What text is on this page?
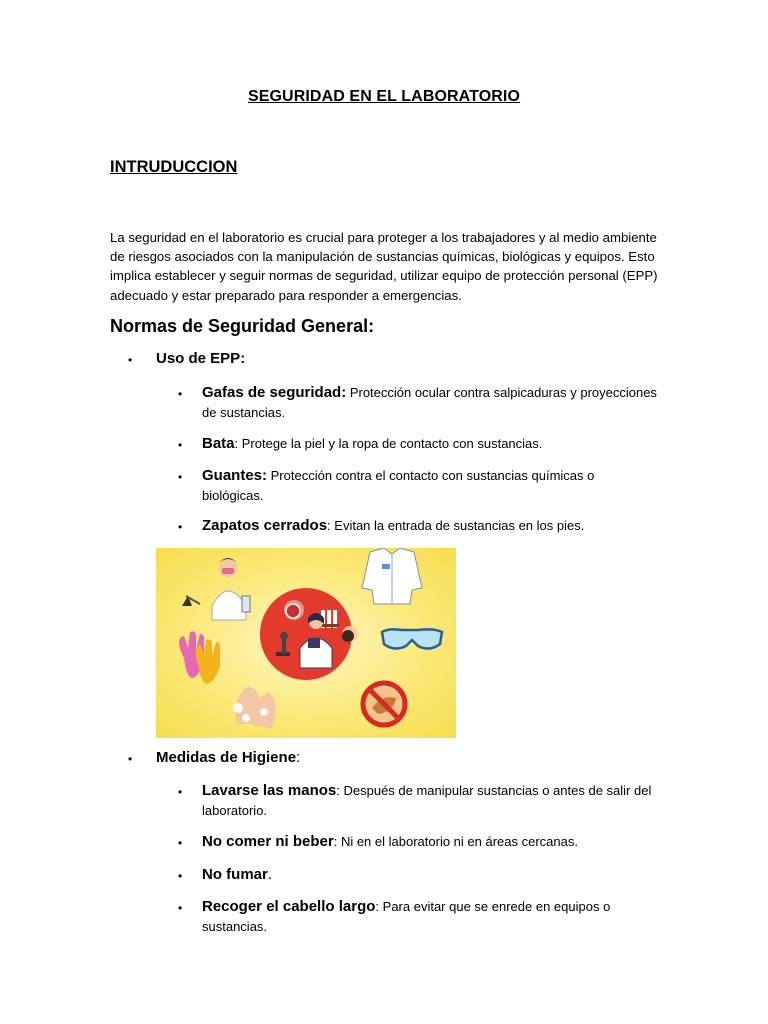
SEGURIDAD EN EL LABORATORIO
INTRUDUCCION

La seguridad en el laboratorio es crucial para proteger a los trabajadores y al medio ambiente de riesgos asociados con la manipulación de sustancias químicas, biológicas y equipos. Esto implica establecer y seguir normas de seguridad, utilizar equipo de protección personal (EPP) adecuado y estar preparado para responder a emergencias.

Normas de Seguridad General:
• Uso de EPP:
• Gafas de seguridad: Protección ocular contra salpicaduras y proyecciones de sustancias.
• Bata: Protege la piel y la ropa de contacto con sustancias.
• Guantes: Protección contra el contacto con sustancias químicas o biológicas.
• Zapatos cerrados: Evitan la entrada de sustancias en los pies.
• Medidas de Higiene:
• Lavarse las manos: Después de manipular sustancias o antes de salir del laboratorio.
• No comer ni beber: Ni en el laboratorio ni en áreas cercanas.
• No fumar.
• Recoger el cabello largo: Para evitar que se enrede en equipos o sustancias.
